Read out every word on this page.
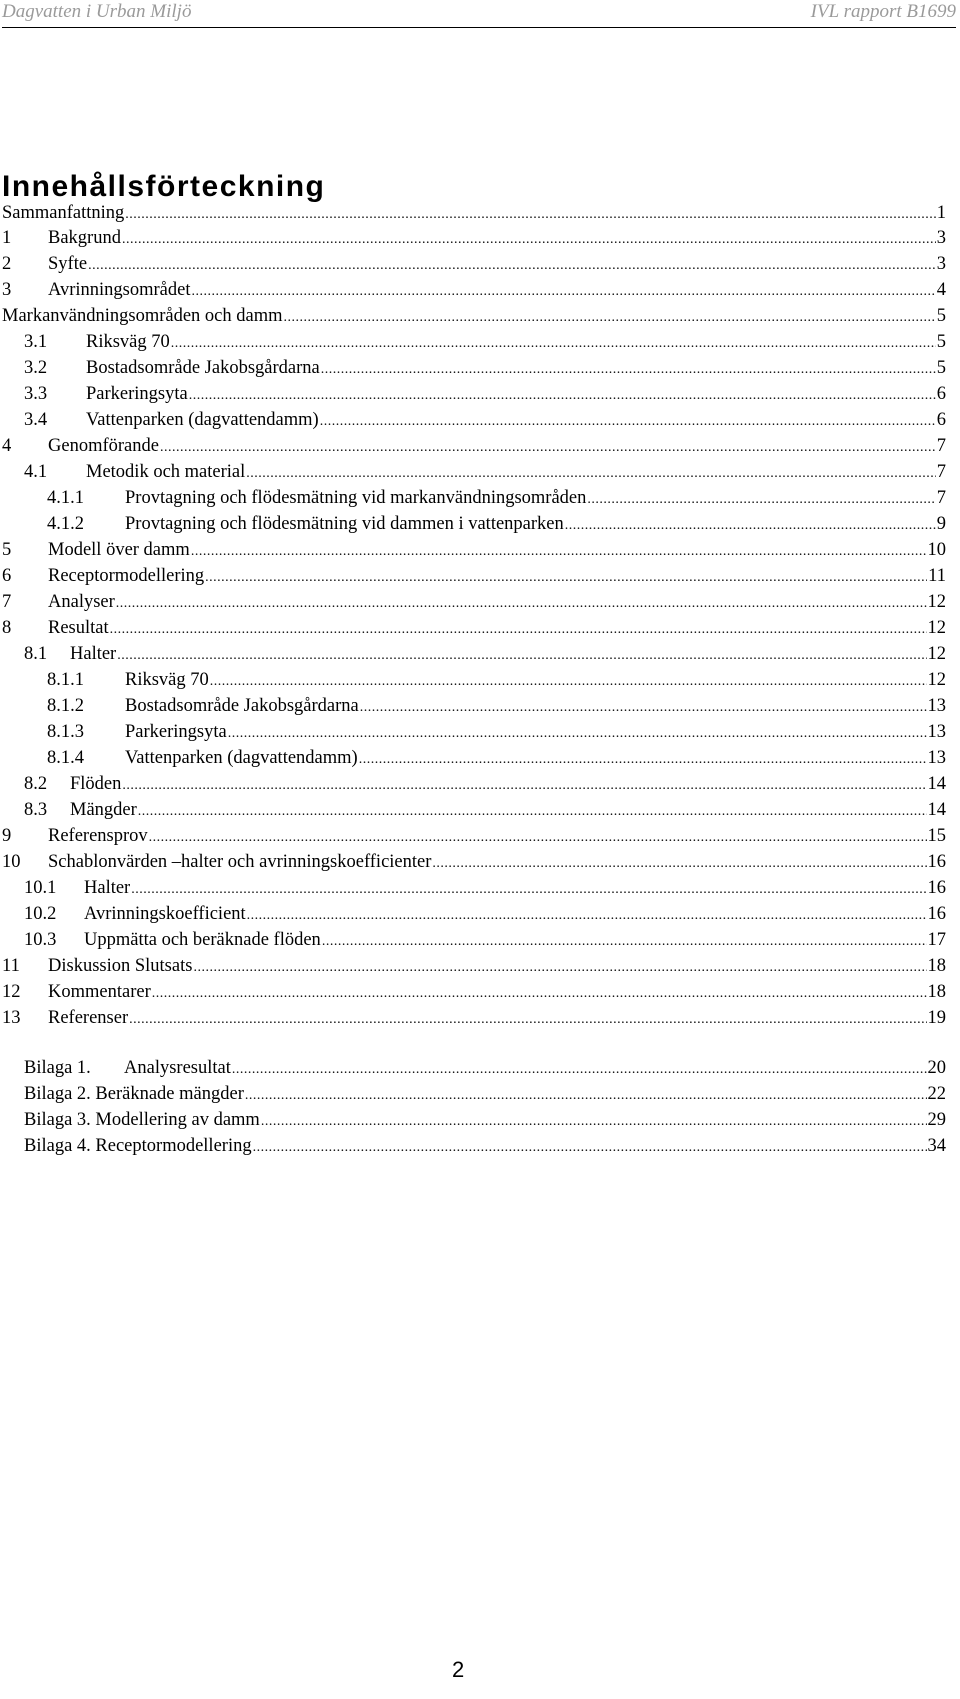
Dagvatten i Urban Miljö	IVL rapport B1699
Innehållsförteckning
Sammanfattning .....	1
1	Bakgrund .....	3
2	Syfte .....	3
3	Avrinningsområdet .....	4
Markanvändningsområden och damm .....	5
3.1	Riksväg 70 .....	5
3.2	Bostadsområde Jakobsgårdarna .....	5
3.3	Parkeringsyta .....	6
3.4	Vattenparken (dagvattendamm) .....	6
4	Genomförande .....	7
4.1	Metodik och material .....	7
4.1.1	Provtagning och flödesmätning vid markanvändningsområden .....	7
4.1.2	Provtagning och flödesmätning vid dammen i vattenparken .....	9
5	Modell över damm .....	10
6	Receptormodellering .....	11
7	Analyser .....	12
8	Resultat .....	12
8.1	Halter .....	12
8.1.1	Riksväg 70 .....	12
8.1.2	Bostadsområde Jakobsgårdarna .....	13
8.1.3	Parkeringsyta .....	13
8.1.4	Vattenparken (dagvattendamm) .....	13
8.2	Flöden .....	14
8.3	Mängder .....	14
9	Referensprov .....	15
10	Schablonvärden –halter och avrinningskoefficienter .....	16
10.1	Halter .....	16
10.2	Avrinningskoefficient .....	16
10.3	Uppmätta och beräknade flöden .....	17
11	Diskussion Slutsats .....	18
12	Kommentarer .....	18
13	Referenser .....	19
Bilaga 1.	Analysresultat .....	20
Bilaga 2. Beräknade mängder .....	22
Bilaga 3. Modellering av damm .....	29
Bilaga 4. Receptormodellering .....	34
2
